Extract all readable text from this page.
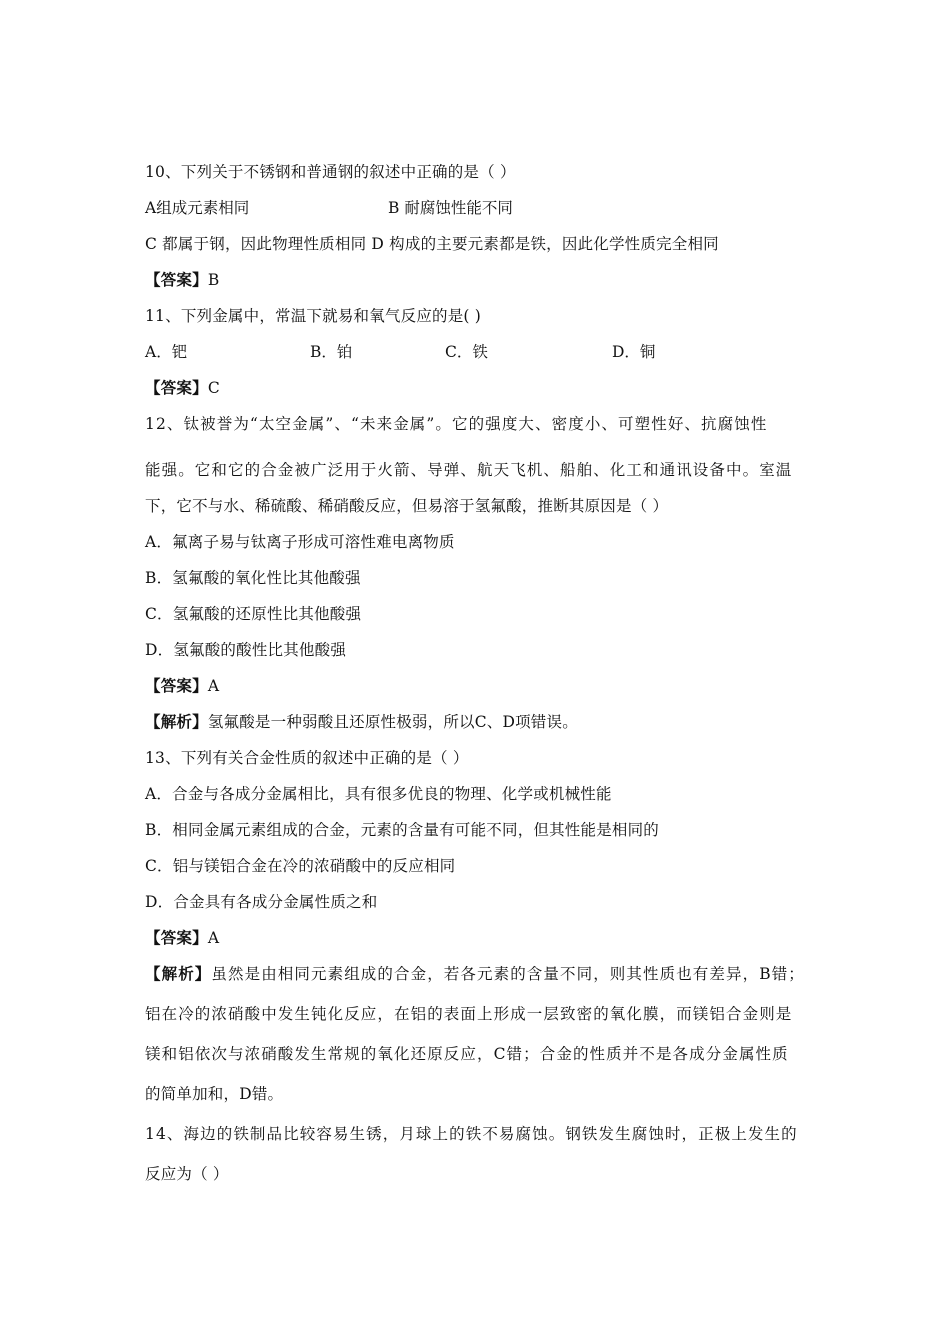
10、下列关于不锈钢和普通钢的叙述中正确的是（ ）
A组成元素相同	B 耐腐蚀性能不同
C 都属于钢，因此物理性质相同 D 构成的主要元素都是铁，因此化学性质完全相同
【答案】B
11、下列金属中，常温下就易和氧气反应的是( )
A．钯	B．铂	C．铁	D．铜
【答案】C
12、钛被誉为“太空金属”、“未来金属”。它的强度大、密度小、可塑性好、抗腐蚀性
能强。它和它的合金被广泛用于火箭、导弹、航天飞机、船舶、化工和通讯设备中。室温
下，它不与水、稀硫酸、稀硝酸反应，但易溶于氢氟酸，推断其原因是（ ）
A．氟离子易与钛离子形成可溶性难电离物质
B．氢氟酸的氧化性比其他酸强
C．氢氟酸的还原性比其他酸强
D．氢氟酸的酸性比其他酸强
【答案】A
【解析】氢氟酸是一种弱酸且还原性极弱，所以C、D项错误。
13、下列有关合金性质的叙述中正确的是（ ）
A．合金与各成分金属相比，具有很多优良的物理、化学或机械性能
B．相同金属元素组成的合金，元素的含量有可能不同，但其性能是相同的
C．铝与镁铝合金在冷的浓硝酸中的反应相同
D．合金具有各成分金属性质之和
【答案】A
【解析】虽然是由相同元素组成的合金，若各元素的含量不同，则其性质也有差异，B错；
铝在冷的浓硝酸中发生钝化反应，在铝的表面上形成一层致密的氧化膜，而镁铝合金则是
镁和铝依次与浓硝酸发生常规的氧化还原反应，C错；合金的性质并不是各成分金属性质
的简单加和，D错。
14、海边的铁制品比较容易生锈，月球上的铁不易腐蚀。钢铁发生腐蚀时，正极上发生的
反应为（ ）
